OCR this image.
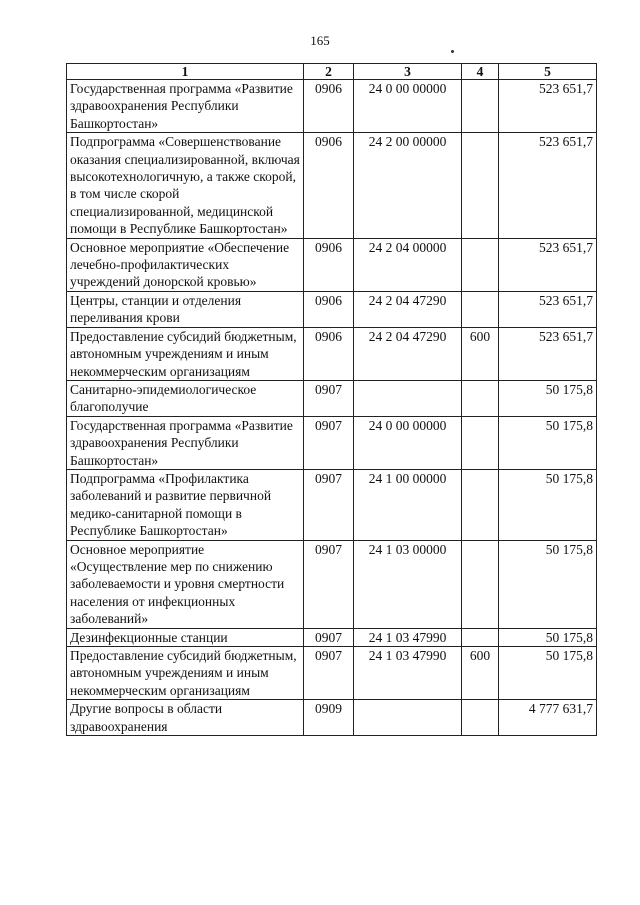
165
1	2	3	4	5
Государственная программа «Развитие здравоохранения Республики Башкортостан»	0906	24 0 00 00000		523 651,7
Подпрограмма «Совершенствование оказания специализированной, включая высокотехнологичную, а также скорой, в том числе скорой специализированной, медицинской помощи в Республике Башкортостан»	0906	24 2 00 00000		523 651,7
Основное мероприятие «Обеспечение лечебно-профилактических учреждений донорской кровью»	0906	24 2 04 00000		523 651,7
Центры, станции и отделения переливания крови	0906	24 2 04 47290		523 651,7
Предоставление субсидий бюджетным, автономным учреждениям и иным некоммерческим организациям	0906	24 2 04 47290	600	523 651,7
Санитарно-эпидемиологическое благополучие	0907			50 175,8
Государственная программа «Развитие здравоохранения Республики Башкортостан»	0907	24 0 00 00000		50 175,8
Подпрограмма «Профилактика заболеваний и развитие первичной медико-санитарной помощи в Республике Башкортостан»	0907	24 1 00 00000		50 175,8
Основное мероприятие «Осуществление мер по снижению заболеваемости и уровня смертности населения от инфекционных заболеваний»	0907	24 1 03 00000		50 175,8
Дезинфекционные станции	0907	24 1 03 47990		50 175,8
Предоставление субсидий бюджетным, автономным учреждениям и иным некоммерческим организациям	0907	24 1 03 47990	600	50 175,8
Другие вопросы в области здравоохранения	0909			4 777 631,7
